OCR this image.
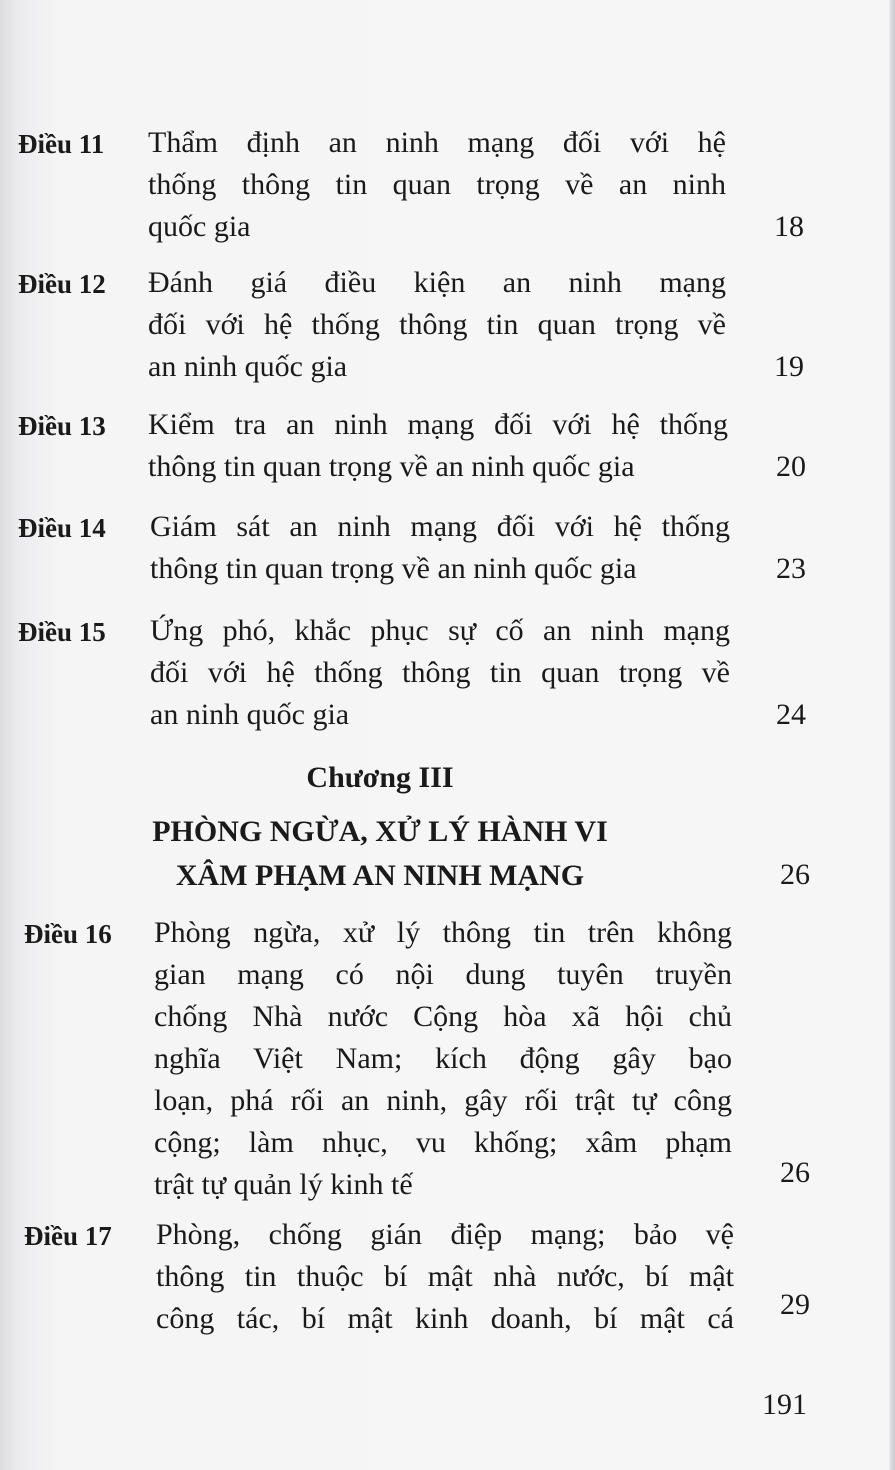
Điều 11 Thẩm định an ninh mạng đối với hệ
thống thông tin quan trọng về an ninh
quốc gia	18
Điều 12 Đánh giá điều kiện an ninh mạng
đối với hệ thống thông tin quan trọng về
an ninh quốc gia	19
Điều 13 Kiểm tra an ninh mạng đối với hệ thống
thông tin quan trọng về an ninh quốc gia	20
Điều 14 Giám sát an ninh mạng đối với hệ thống
thông tin quan trọng về an ninh quốc gia	23
Điều 15 Ứng phó, khắc phục sự cố an ninh mạng
đối với hệ thống thông tin quan trọng về
an ninh quốc gia	24
Chương III
PHÒNG NGỪA, XỬ LÝ HÀNH VI
XÂM PHẠM AN NINH MẠNG	26
Điều 16 Phòng ngừa, xử lý thông tin trên không
gian mạng có nội dung tuyên truyền
chống Nhà nước Cộng hòa xã hội chủ
nghĩa Việt Nam; kích động gây bạo
loạn, phá rối an ninh, gây rối trật tự công
cộng; làm nhục, vu khống; xâm phạm
trật tự quản lý kinh tế	26
Điều 17 Phòng, chống gián điệp mạng; bảo vệ
thông tin thuộc bí mật nhà nước, bí mật
công tác, bí mật kinh doanh, bí mật cá	29
191
